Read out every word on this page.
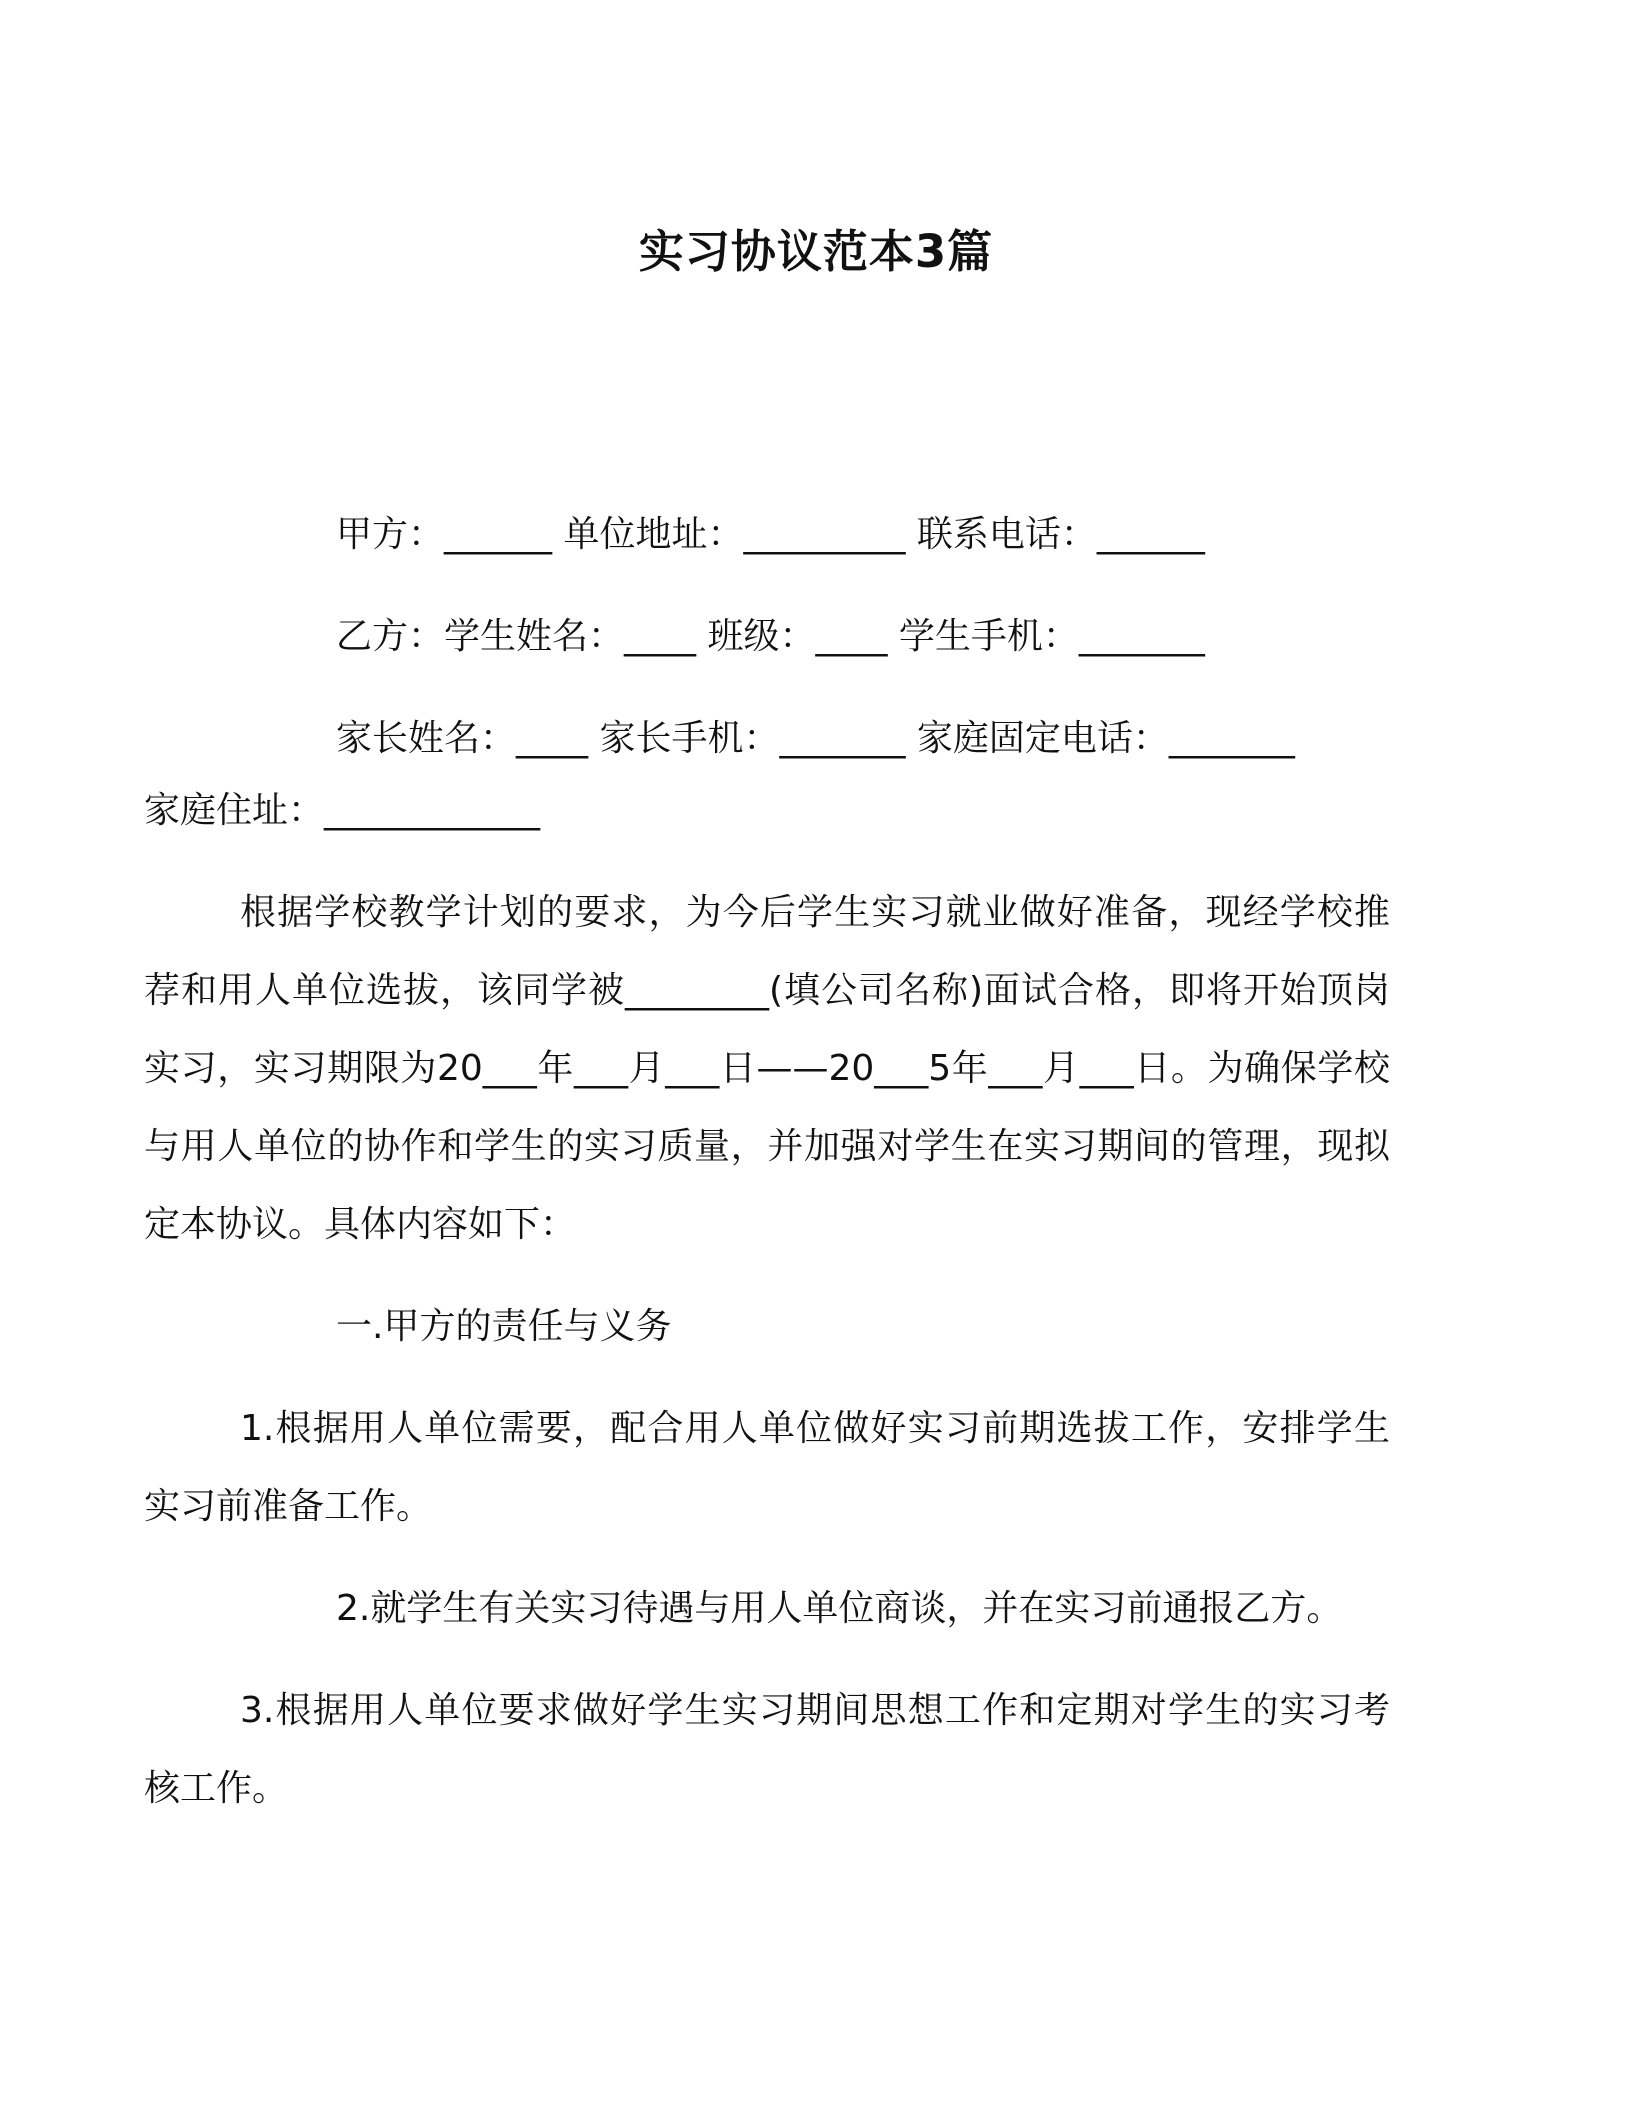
实习协议范本3篇

甲方：______ 单位地址：_________ 联系电话：______

乙方：学生姓名：____ 班级：____ 学生手机：_______

家长姓名：____ 家长手机：_______ 家庭固定电话：_______

家庭住址：____________

根据学校教学计划的要求，为今后学生实习就业做好准备，现经学校推荐和用人单位选拔，该同学被________(填公司名称)面试合格，即将开始顶岗实习，实习期限为20___年___月___日——20___5年___月___日。为确保学校与用人单位的协作和学生的实习质量，并加强对学生在实习期间的管理，现拟定本协议。具体内容如下：

一.甲方的责任与义务

1.根据用人单位需要，配合用人单位做好实习前期选拔工作，安排学生实习前准备工作。

2.就学生有关实习待遇与用人单位商谈，并在实习前通报乙方。

3.根据用人单位要求做好学生实习期间思想工作和定期对学生的实习考核工作。
